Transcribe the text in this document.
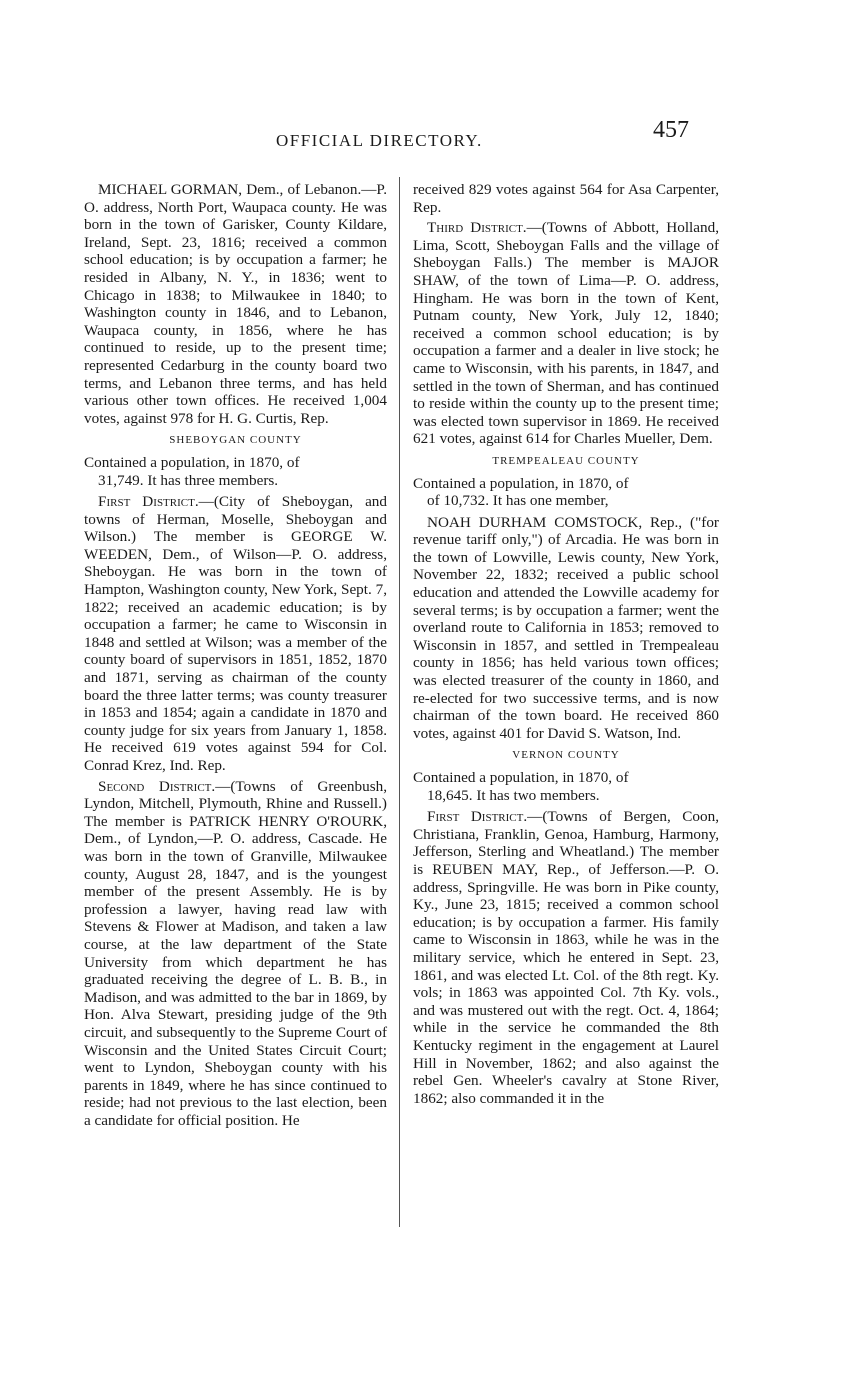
OFFICIAL DIRECTORY.	457

MICHAEL GORMAN, Dem., of Lebanon.—P. O. address, North Port, Waupaca county. He was born in the town of Garisker, County Kildare, Ireland, Sept. 23, 1816; received a common school education; is by occupation a farmer; he resided in Albany, N. Y., in 1836; went to Chicago in 1838; to Milwaukee in 1840; to Washington county in 1846, and to Lebanon, Waupaca county, in 1856, where he has continued to reside, up to the present time; represented Cedarburg in the county board two terms, and Lebanon three terms, and has held various other town offices. He received 1,004 votes, against 978 for H. G. Curtis, Rep.

SHEBOYGAN COUNTY

Contained a population, in 1870, of
31,749. It has three members.

First District.—(City of Sheboygan, and towns of Herman, Moselle, Sheboygan and Wilson.) The member is GEORGE W. WEEDEN, Dem., of Wilson—P. O. address, Sheboygan. He was born in the town of Hampton, Washington county, New York, Sept. 7, 1822; received an academic education; is by occupation a farmer; he came to Wisconsin in 1848 and settled at Wilson; was a member of the county board of supervisors in 1851, 1852, 1870 and 1871, serving as chairman of the county board the three latter terms; was county treasurer in 1853 and 1854; again a candidate in 1870 and county judge for six years from January 1, 1858. He received 619 votes against 594 for Col. Conrad Krez, Ind. Rep.

Second District.—(Towns of Greenbush, Lyndon, Mitchell, Plymouth, Rhine and Russell.) The member is PATRICK HENRY O'ROURK, Dem., of Lyndon,—P. O. address, Cascade. He was born in the town of Granville, Milwaukee county, August 28, 1847, and is the youngest member of the present Assembly. He is by profession a lawyer, having read law with Stevens & Flower at Madison, and taken a law course, at the law department of the State University from which department he has graduated receiving the degree of L. B. B., in Madison, and was admitted to the bar in 1869, by Hon. Alva Stewart, presiding judge of the 9th circuit, and subsequently to the Supreme Court of Wisconsin and the United States Circuit Court; went to Lyndon, Sheboygan county with his parents in 1849, where he has since continued to reside; had not previous to the last election, been a candidate for official position. He

received 829 votes against 564 for Asa Carpenter, Rep.

Third District.—(Towns of Abbott, Holland, Lima, Scott, Sheboygan Falls and the village of Sheboygan Falls.) The member is MAJOR SHAW, of the town of Lima—P. O. address, Hingham. He was born in the town of Kent, Putnam county, New York, July 12, 1840; received a common school education; is by occupation a farmer and a dealer in live stock; he came to Wisconsin, with his parents, in 1847, and settled in the town of Sherman, and has continued to reside within the county up to the present time; was elected town supervisor in 1869. He received 621 votes, against 614 for Charles Mueller, Dem.

TREMPEALEAU COUNTY

Contained a population, in 1870, of
of 10,732. It has one member,

NOAH DURHAM COMSTOCK, Rep., ("for revenue tariff only,") of Arcadia. He was born in the town of Lowville, Lewis county, New York, November 22, 1832; received a public school education and attended the Lowville academy for several terms; is by occupation a farmer; went the overland route to California in 1853; removed to Wisconsin in 1857, and settled in Trempealeau county in 1856; has held various town offices; was elected treasurer of the county in 1860, and re-elected for two successive terms, and is now chairman of the town board. He received 860 votes, against 401 for David S. Watson, Ind.

VERNON COUNTY

Contained a population, in 1870, of
18,645. It has two members.

First District.—(Towns of Bergen, Coon, Christiana, Franklin, Genoa, Hamburg, Harmony, Jefferson, Sterling and Wheatland.) The member is REUBEN MAY, Rep., of Jefferson.—P. O. address, Springville. He was born in Pike county, Ky., June 23, 1815; received a common school education; is by occupation a farmer. His family came to Wisconsin in 1863, while he was in the military service, which he entered in Sept. 23, 1861, and was elected Lt. Col. of the 8th regt. Ky. vols; in 1863 was appointed Col. 7th Ky. vols., and was mustered out with the regt. Oct. 4, 1864; while in the service he commanded the 8th Kentucky regiment in the engagement at Laurel Hill in November, 1862; and also against the rebel Gen. Wheeler's cavalry at Stone River, 1862; also commanded it in the
